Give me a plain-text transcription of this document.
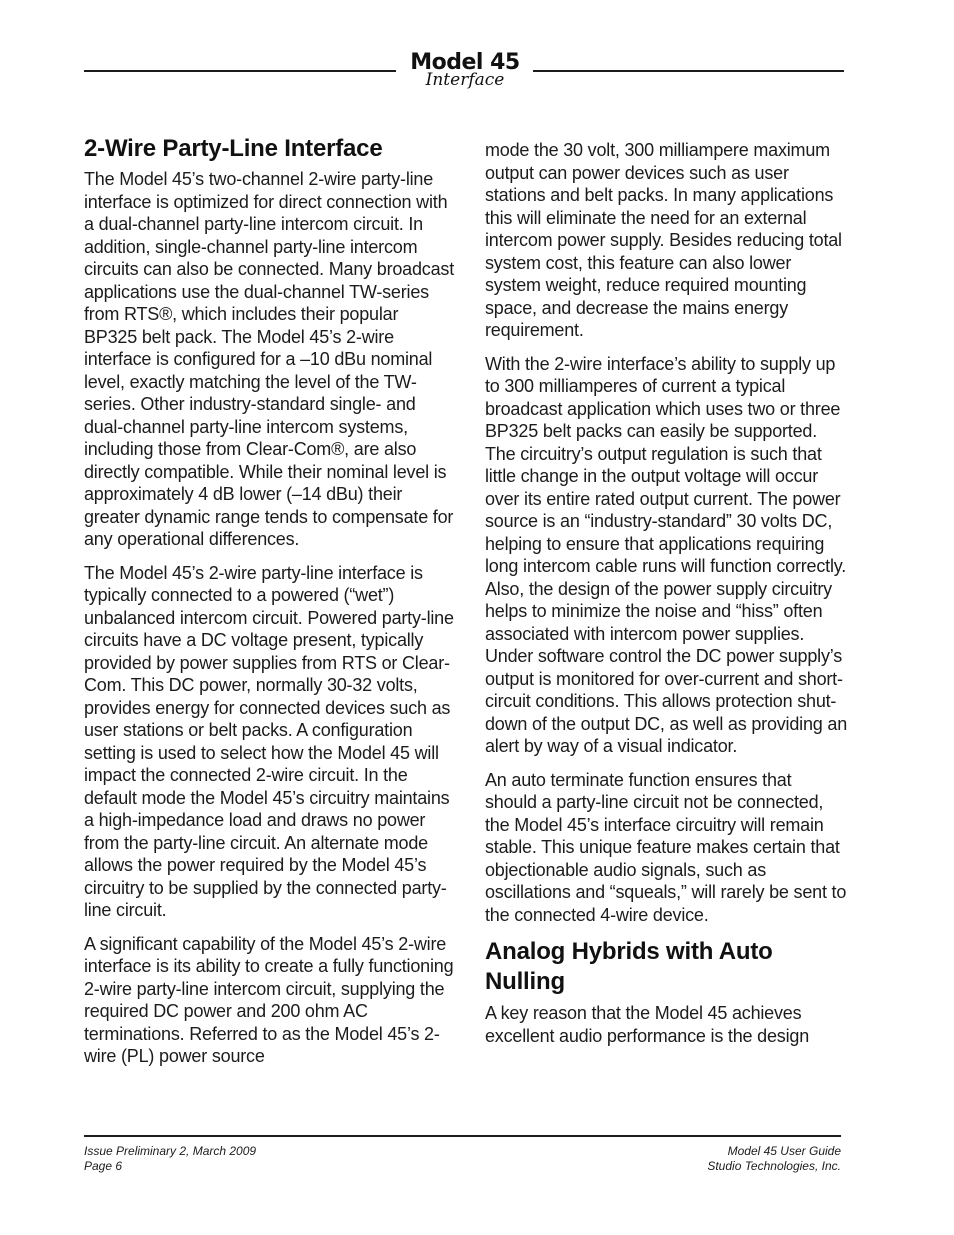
Model 45
Interface
2-Wire Party-Line Interface

The Model 45’s two-channel 2-wire party-line interface is optimized for direct connection with a dual-channel party-line intercom circuit. In addition, single-channel party-line intercom circuits can also be connected. Many broadcast applications use the dual-channel TW-series from RTS®, which includes their popular BP325 belt pack. The Model 45’s 2-wire interface is configured for a –10 dBu nominal level, exactly matching the level of the TW-series. Other industry-standard single- and dual-channel party-line intercom systems, including those from Clear-Com®, are also directly compatible. While their nominal level is approximately 4 dB lower (–14 dBu) their greater dynamic range tends to compensate for any operational differences.

The Model 45’s 2-wire party-line interface is typically connected to a powered (“wet”) unbalanced intercom circuit. Powered party-line circuits have a DC voltage present, typically provided by power supplies from RTS or Clear-Com. This DC power, normally 30-32 volts, provides energy for connected devices such as user stations or belt packs. A configuration setting is used to select how the Model 45 will impact the connected 2-wire circuit. In the default mode the Model 45’s circuitry maintains a high-impedance load and draws no power from the party-line circuit. An alternate mode allows the power required by the Model 45’s circuitry to be supplied by the connected party-line circuit.

A significant capability of the Model 45’s 2-wire interface is its ability to create a fully functioning 2-wire party-line intercom circuit, supplying the required DC power and 200 ohm AC terminations. Referred to as the Model 45’s 2-wire (PL) power source

mode the 30 volt, 300 milliampere maximum output can power devices such as user stations and belt packs. In many applications this will eliminate the need for an external intercom power supply. Besides reducing total system cost, this feature can also lower system weight, reduce required mounting space, and decrease the mains energy requirement.

With the 2-wire interface’s ability to supply up to 300 milliamperes of current a typical broadcast application which uses two or three BP325 belt packs can easily be supported. The circuitry’s output regulation is such that little change in the output voltage will occur over its entire rated output current. The power source is an “industry-standard” 30 volts DC, helping to ensure that applications requiring long intercom cable runs will function correctly. Also, the design of the power supply circuitry helps to minimize the noise and “hiss” often associated with intercom power supplies. Under software control the DC power supply’s output is monitored for over-current and short-circuit conditions. This allows protection shut-down of the output DC, as well as providing an alert by way of a visual indicator.

An auto terminate function ensures that should a party-line circuit not be connected, the Model 45’s interface circuitry will remain stable. This unique feature makes certain that objectionable audio signals, such as oscillations and “squeals,” will rarely be sent to the connected 4-wire device.

Analog Hybrids with Auto Nulling

A key reason that the Model 45 achieves excellent audio performance is the design

Issue Preliminary 2, March 2009
Page 6
Model 45 User Guide
Studio Technologies, Inc.
